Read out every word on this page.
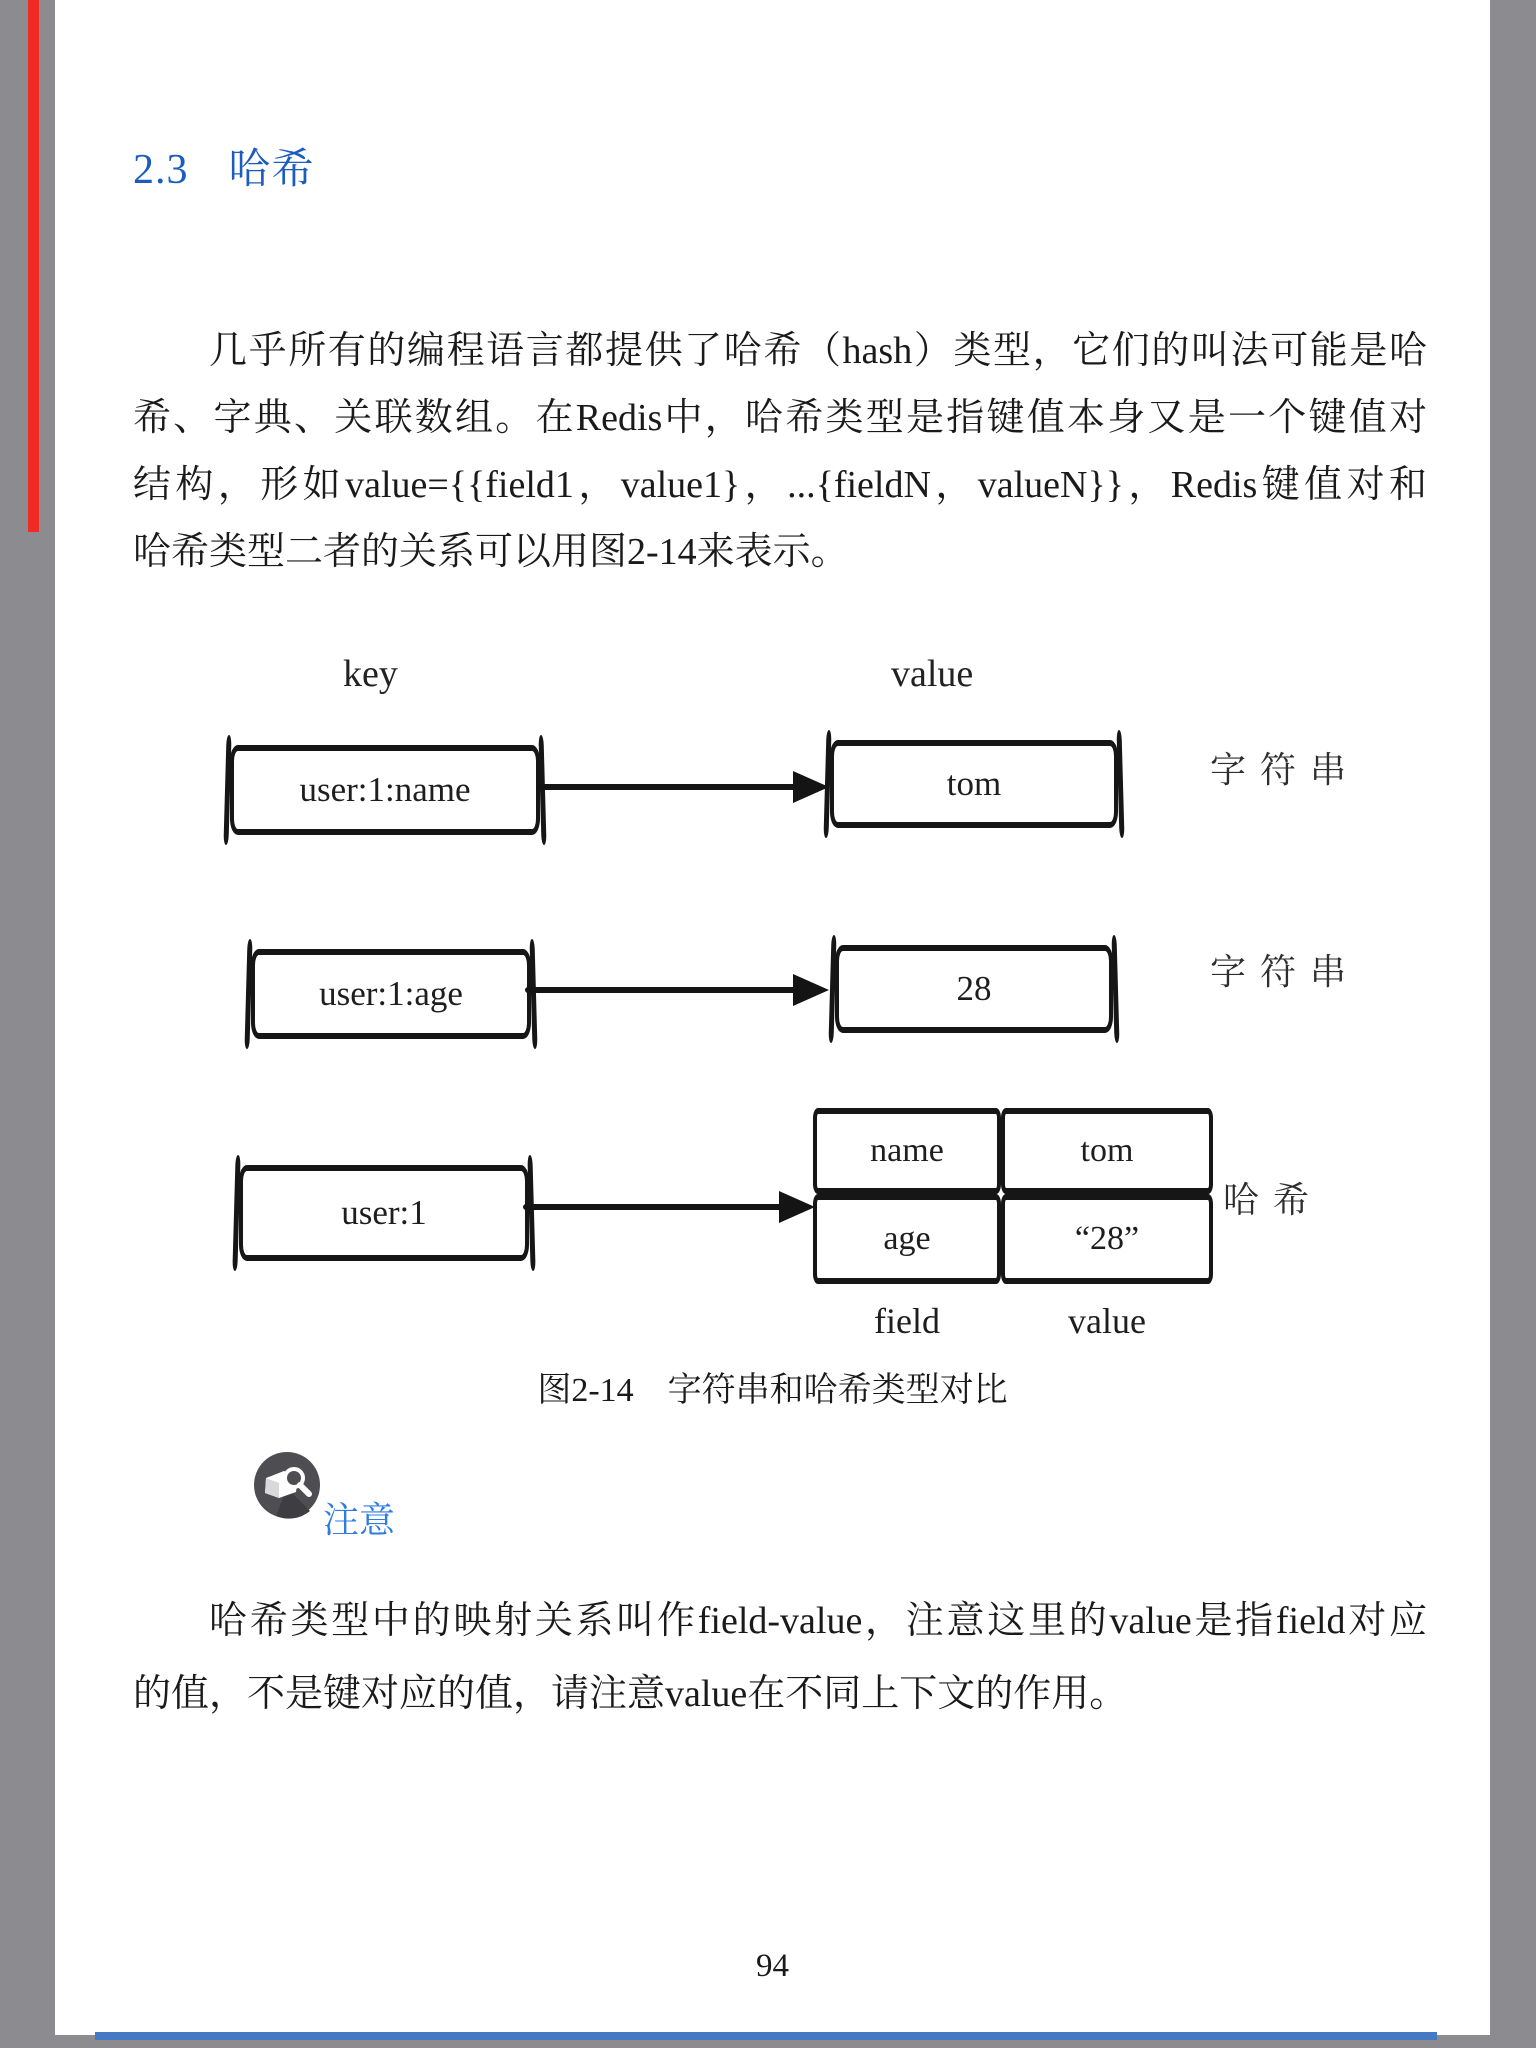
2.3 哈希
几乎所有的编程语言都提供了哈希（hash）类型，它们的叫法可能是哈
希、字典、关联数组。在Redis中，哈希类型是指键值本身又是一个键值对
结构，形如value={{field1，value1}，...{fieldN，valueN}}，Redis键值对和
哈希类型二者的关系可以用图2-14来表示。
key	value
user:1:name	tom	字符串
user:1:age	28	字符串
user:1
name	tom
age	“28”
field	value
哈希
图2-14 字符串和哈希类型对比
注意
哈希类型中的映射关系叫作field-value，注意这里的value是指field对应
的值，不是键对应的值，请注意value在不同上下文的作用。
94
